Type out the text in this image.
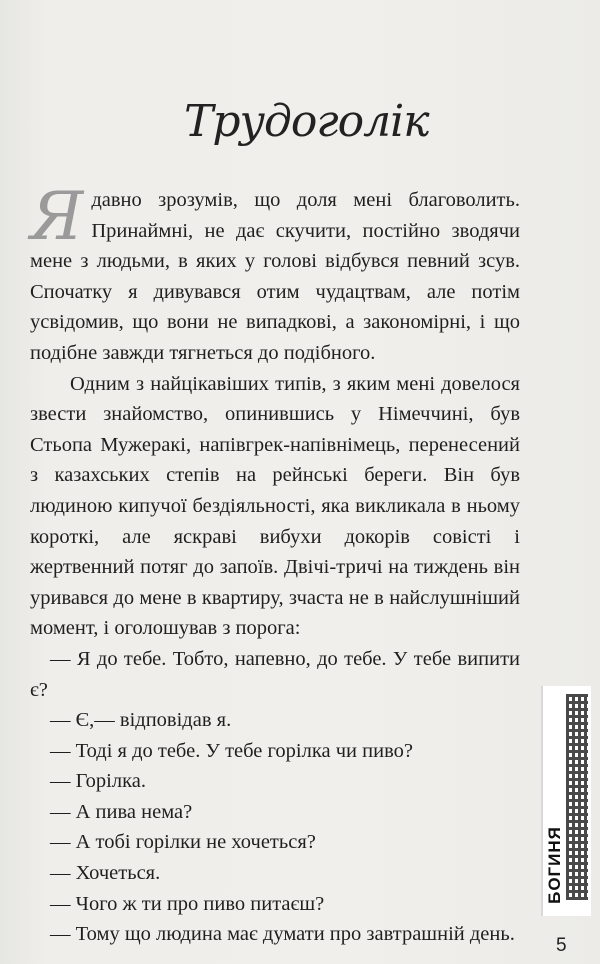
Трудоголік

Ядавно зрозумів, що доля мені благоволить. Принаймні, не дає скучити, постійно зводячи мене з людьми, в яких у голові відбувся певний зсув. Спочатку я дивувався отим чудацтвам, але потім усвідомив, що вони не випадкові, а закономірні, і що подібне завжди тягнеться до подібного.

Одним з найцікавіших типів, з яким мені довелося звести знайомство, опинившись у Німеччині, був Стьопа Мужеракі, напівгрек-напівнімець, перенесений з казахських степів на рейнські береги. Він був людиною кипучої бездіяльності, яка викликала в ньому короткі, але яскраві вибухи докорів совісті і жертвенний потяг до запоїв. Двічі-тричі на тиждень він уривався до мене в квартиру, зчаста не в найслушніший момент, і оголошував з порога:

— Я до тебе. Тобто, напевно, до тебе. У тебе випити є?

— Є,— відповідав я.

— Тоді я до тебе. У тебе горілка чи пиво?

— Горілка.

— А пива нема?

— А тобі горілки не хочеться?

— Хочеться.

— Чого ж ти про пиво питаєш?

— Тому що людина має думати про завтрашній день.

БОГИНЯ
5
